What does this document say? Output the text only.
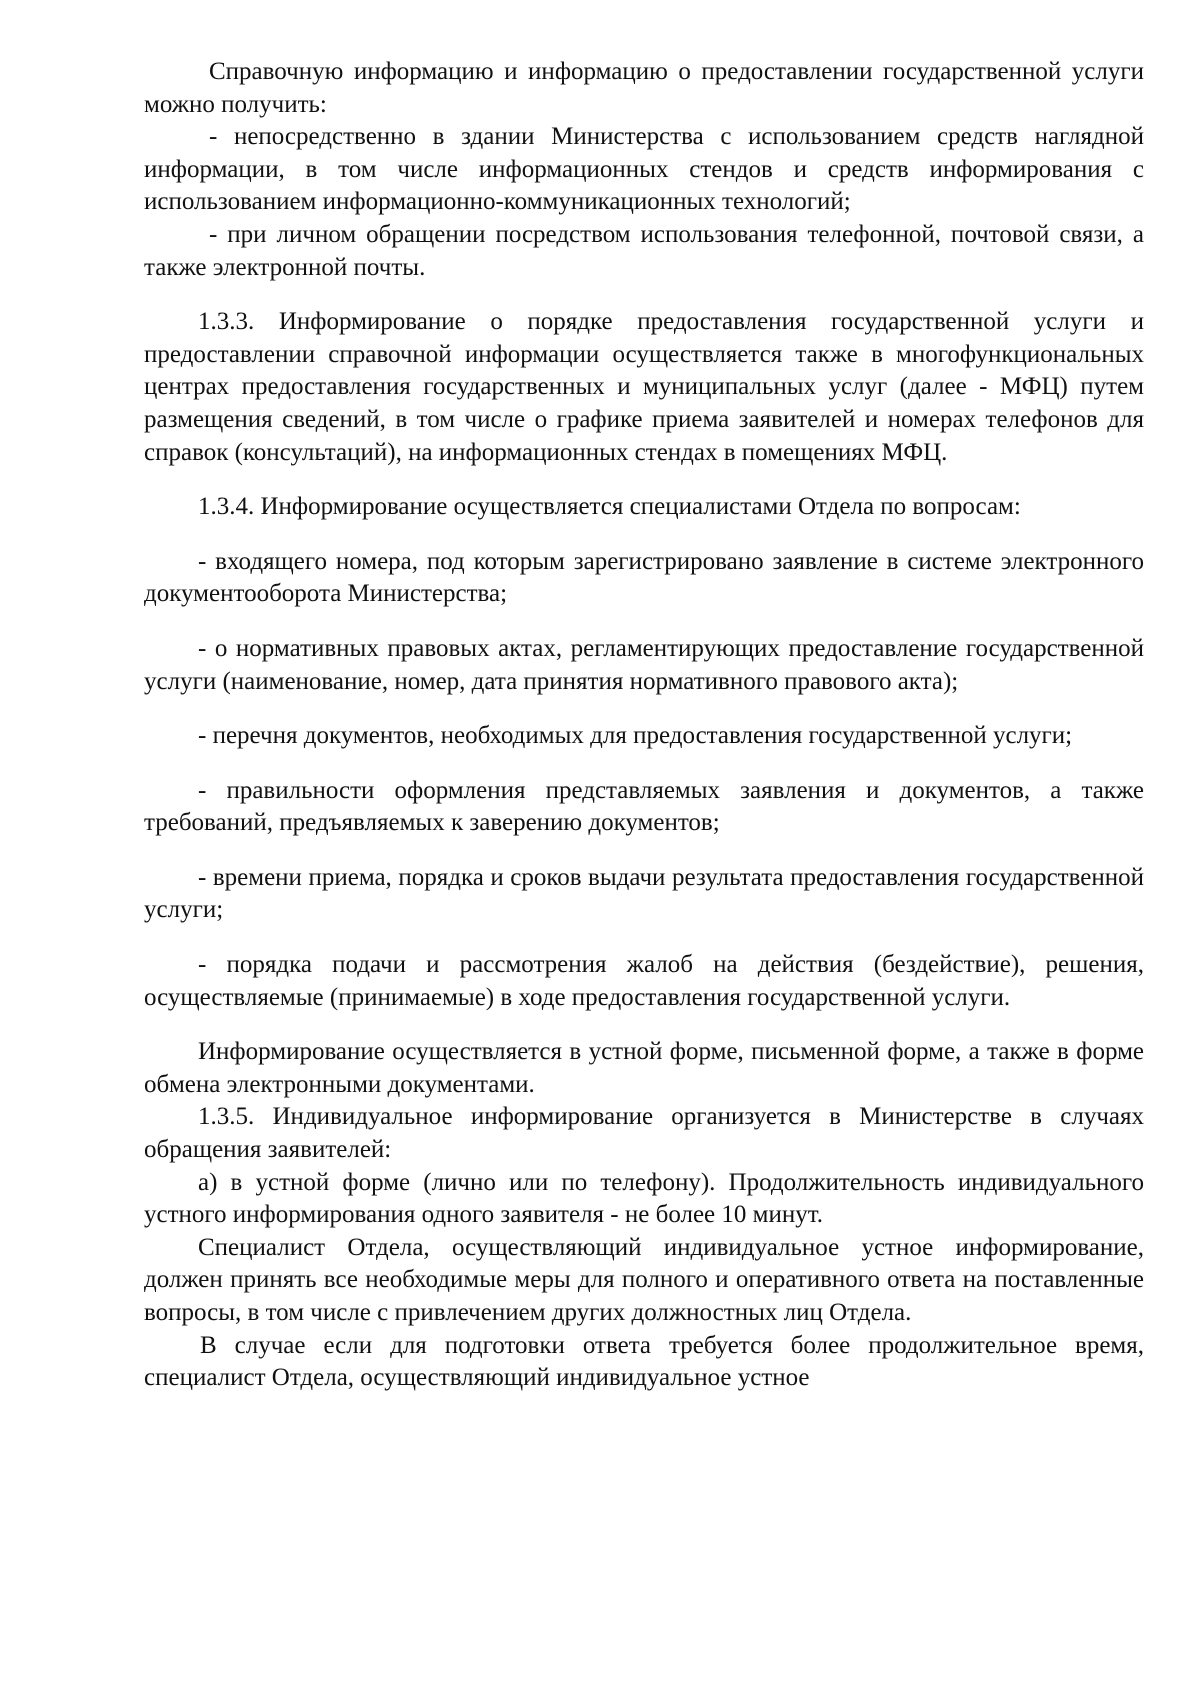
Справочную информацию и информацию о предоставлении государственной услуги можно получить:

- непосредственно в здании Министерства с использованием средств наглядной информации, в том числе информационных стендов и средств информирования с использованием информационно-коммуникационных технологий;

- при личном обращении посредством использования телефонной, почтовой связи, а также электронной почты.

1.3.3. Информирование о порядке предоставления государственной услуги и предоставлении справочной информации осуществляется также в многофункциональных центрах предоставления государственных и муниципальных услуг (далее - МФЦ) путем размещения сведений, в том числе о графике приема заявителей и номерах телефонов для справок (консультаций), на информационных стендах в помещениях МФЦ.

1.3.4. Информирование осуществляется специалистами Отдела по вопросам:

- входящего номера, под которым зарегистрировано заявление в системе электронного документооборота Министерства;

- о нормативных правовых актах, регламентирующих предоставление государственной услуги (наименование, номер, дата принятия нормативного правового акта);

- перечня документов, необходимых для предоставления государственной услуги;

- правильности оформления представляемых заявления и документов, а также требований, предъявляемых к заверению документов;

- времени приема, порядка и сроков выдачи результата предоставления государственной услуги;

- порядка подачи и рассмотрения жалоб на действия (бездействие), решения, осуществляемые (принимаемые) в ходе предоставления государственной услуги.

Информирование осуществляется в устной форме, письменной форме, а также в форме обмена электронными документами.

1.3.5. Индивидуальное информирование организуется в Министерстве в случаях обращения заявителей:

а) в устной форме (лично или по телефону). Продолжительность индивидуального устного информирования одного заявителя - не более 10 минут.

Специалист Отдела, осуществляющий индивидуальное устное информирование, должен принять все необходимые меры для полного и оперативного ответа на поставленные вопросы, в том числе с привлечением других должностных лиц Отдела.

В случае если для подготовки ответа требуется более продолжительное время, специалист Отдела, осуществляющий индивидуальное устное
